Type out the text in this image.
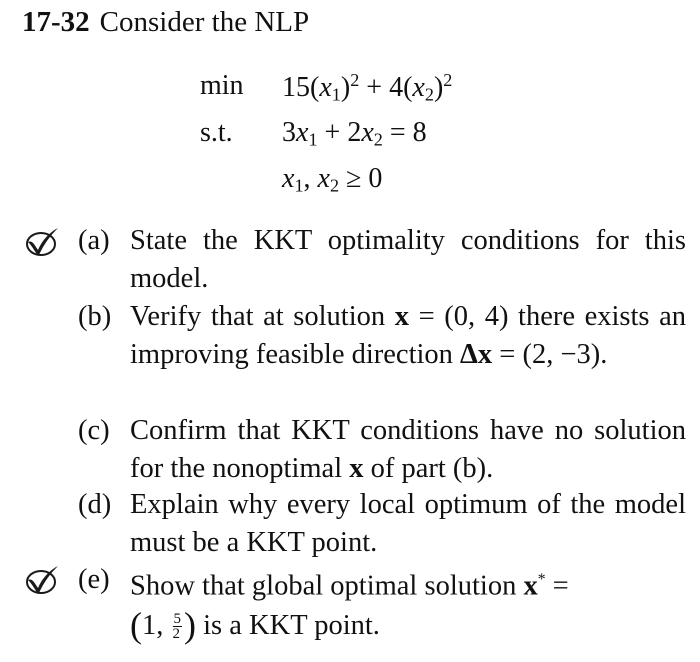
17-32 Consider the NLP
$\min 15(x_1)^2 + 4(x_2)^2$
s.t. $3x_1 + 2x_2 = 8$
$x_1$, $x_2 \ge 0$
(a) State the KKT optimality conditions for this model.
(b) Verify that at solution x = (0, 4) there exists an improving feasible direction Δx = (2, −3).
(c) Confirm that KKT conditions have no solution for the nonoptimal x of part (b).
(d) Explain why every local optimum of the model must be a KKT point.
(e) Show that global optimal solution x* =
(1, $\frac{5}{2}$ ) is a KKT point.
